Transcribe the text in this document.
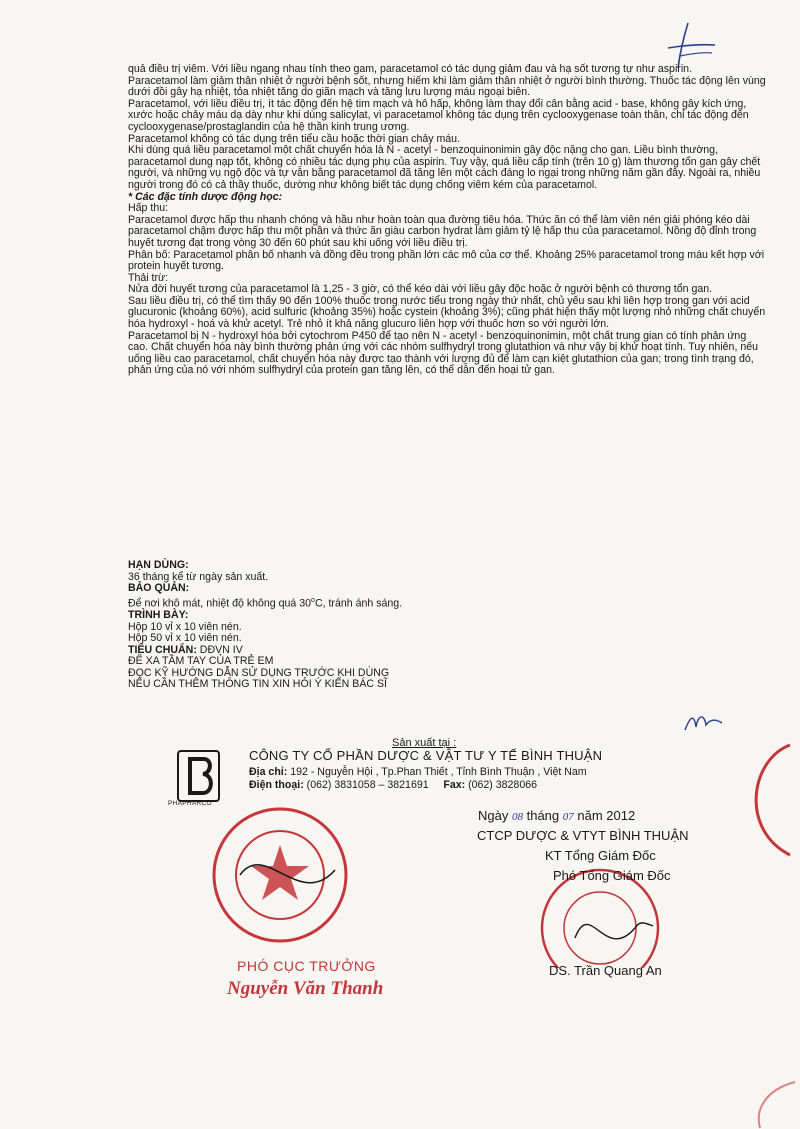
quả điều trị viêm. Với liều ngang nhau tính theo gam, paracetamol có tác dụng giảm đau và hạ sốt tương tự như aspirin.

Paracetamol làm giảm thân nhiệt ở người bệnh sốt, nhưng hiếm khi làm giảm thân nhiệt ở người bình thường. Thuốc tác động lên vùng dưới đồi gây hạ nhiệt, tỏa nhiệt tăng do giãn mạch và tăng lưu lượng máu ngoại biên.

Paracetamol, với liều điều trị, ít tác động đến hệ tim mạch và hô hấp, không làm thay đổi cân bằng acid - base, không gây kích ứng, xước hoặc chảy máu dạ dày như khi dùng salicylat, vì paracetamol không tác dụng trên cyclooxygenase toàn thân, chỉ tác động đến cyclooxygenase/prostaglandin của hệ thần kinh trung ương.

Paracetamol không có tác dụng trên tiểu cầu hoặc thời gian chảy máu.

Khi dùng quá liều paracetamol một chất chuyển hóa là N - acetyl - benzoquinonimin gây độc nặng cho gan. Liều bình thường, paracetamol dung nạp tốt, không có nhiều tác dụng phụ của aspirin. Tuy vậy, quá liều cấp tính (trên 10 g) làm thương tổn gan gây chết người, và những vụ ngộ độc và tự vẫn bằng paracetamol đã tăng lên một cách đáng lo ngại trong những năm gần đây. Ngoài ra, nhiều người trong đó có cả thầy thuốc, dường như không biết tác dụng chống viêm kém của paracetamol.

* Các đặc tính dược động học:

Hấp thu:

Paracetamol được hấp thu nhanh chóng và hầu như hoàn toàn qua đường tiêu hóa. Thức ăn có thể làm viên nén giải phóng kéo dài paracetamol chậm được hấp thu một phần và thức ăn giàu carbon hydrat làm giảm tỷ lệ hấp thu của paracetamol. Nồng độ đỉnh trong huyết tương đạt trong vòng 30 đến 60 phút sau khi uống với liều điều trị.

Phân bố: Paracetamol phân bố nhanh và đồng đều trong phần lớn các mô của cơ thể. Khoảng 25% paracetamol trong máu kết hợp với protein huyết tương.

Thải trừ:

Nửa đời huyết tương của paracetamol là 1,25 - 3 giờ, có thể kéo dài với liều gây độc hoặc ở người bệnh có thương tổn gan.

Sau liều điều trị, có thể tìm thấy 90 đến 100% thuốc trong nước tiểu trong ngày thứ nhất, chủ yếu sau khi liên hợp trong gan với acid glucuronic (khoảng 60%), acid sulfuric (khoảng 35%) hoặc cystein (khoảng 3%); cũng phát hiện thấy một lượng nhỏ những chất chuyển hóa hydroxyl - hoá và khử acetyl. Trẻ nhỏ ít khả năng glucuro liên hợp với thuốc hơn so với người lớn.

Paracetamol bị N - hydroxyl hóa bởi cytochrom P450 để tạo nên N - acetyl - benzoquinonimin, một chất trung gian có tính phản ứng cao. Chất chuyển hóa này bình thường phản ứng với các nhóm sulfhydryl trong glutathion và như vậy bị khử hoạt tính. Tuy nhiên, nếu uống liều cao paracetamol, chất chuyển hóa này được tạo thành với lượng đủ để làm cạn kiệt glutathion của gan; trong tình trạng đó, phản ứng của nó với nhóm sulfhydryl của protein gan tăng lên, có thể dẫn đến hoại tử gan.

HẠN DÙNG:

36 tháng kể từ ngày sản xuất.

BẢO QUẢN:

Để nơi khô mát, nhiệt độ không quá 30$^o$C, tránh ánh sáng.

TRÌNH BÀY:

Hộp 10 vỉ x 10 viên nén.

Hộp 50 vỉ x 10 viên nén.

TIÊU CHUẨN: DĐVN IV

ĐỂ XA TẦM TAY CỦA TRẺ EM

ĐỌC KỸ HƯỚNG DẪN SỬ DỤNG TRƯỚC KHI DÙNG

NẾU CẦN THÊM THÔNG TIN XIN HỎI Ý KIẾN BÁC SĨ

Sản xuất tại :
CÔNG TY CỔ PHẦN DƯỢC & VẬT TƯ Y TẾ BÌNH THUẬN
Địa chỉ: 192 - Nguyễn Hội , Tp.Phan Thiết , Tỉnh Bình Thuận , Việt Nam
Điện thoại: (062) 3831058 – 3821691 Fax: (062) 3828066
PHAPHARCO
Ngày 08 tháng 07 năm 2012
CTCP DƯỢC & VTYT BÌNH THUẬN
KT Tổng Giám Đốc
Phó Tổng Giám Đốc
DS. Trần Quang An
PHÓ CỤC TRƯỞNG
Nguyễn Văn Thanh
